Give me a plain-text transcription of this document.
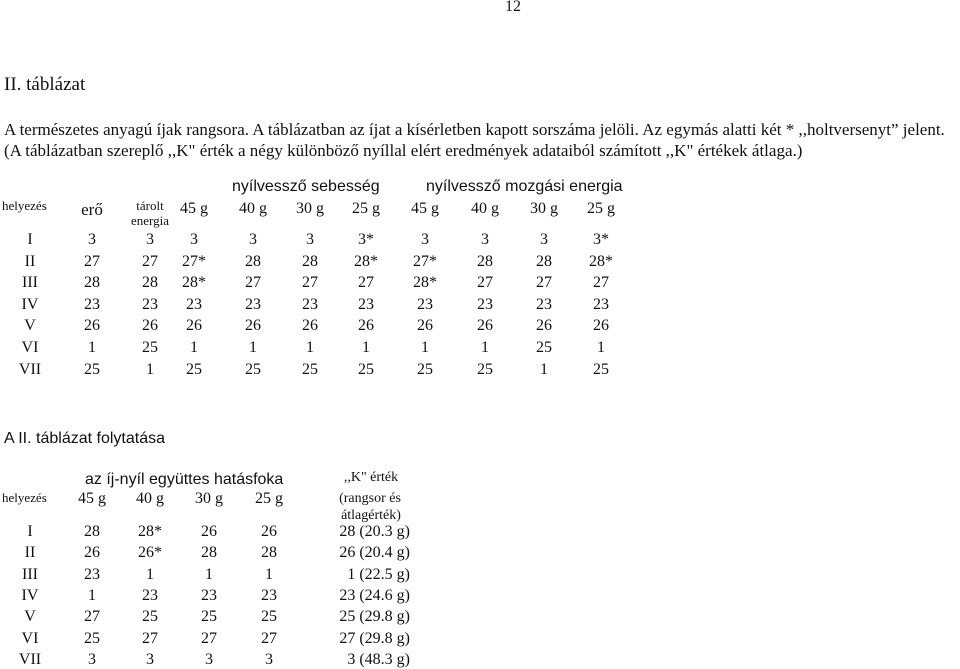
12
II. táblázat
A természetes anyagú íjak rangsora. A táblázatban az íjat a kísérletben kapott sorszáma jelöli. Az egymás alatti két * ,,holtversenyt” jelent.
(A táblázatban szereplő ,,K" érték a négy különböző nyíllal elért eredmények adataiból számított ,,K" értékek átlaga.)
nyílvessző sebesség	nyílvessző mozgási energia
helyezés	erő	tárolt energia
45 g	40 g	30 g	25 g	45 g	40 g	30 g	25 g
I	3	3	3	3	3	3*	3	3	3	3*
II	27	27	27*	28	28	28*	27*	28	28	28*
III	28	28	28*	27	27	27	28*	27	27	27
IV	23	23	23	23	23	23	23	23	23	23
V	26	26	26	26	26	26	26	26	26	26
VI	1	25	1	1	1	1	1	1	25	1
VII	25	1	25	25	25	25	25	25	1	25
A II. táblázat folytatása
az íj-nyíl együttes hatásfoka
helyezés	45 g	40 g	30 g	25 g
,,K" érték
(rangsor és
átlagérték)
I	28	28*	26	26	28 (20.3 g)
II	26	26*	28	28	26 (20.4 g)
III	23	1	1	1	1 (22.5 g)
IV	1	23	23	23	23 (24.6 g)
V	27	25	25	25	25 (29.8 g)
VI	25	27	27	27	27 (29.8 g)
VII	3	3	3	3	3 (48.3 g)
